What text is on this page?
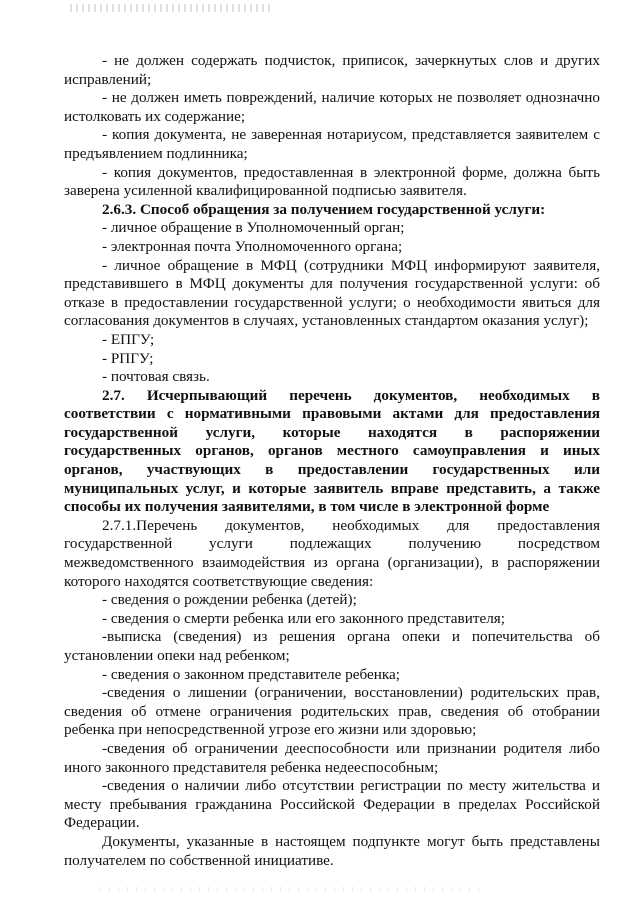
- не должен содержать подчисток, приписок, зачеркнутых слов и других исправлений;

- не должен иметь повреждений, наличие которых не позволяет однозначно истолковать их содержание;

- копия документа, не заверенная нотариусом, представляется заявителем с предъявлением подлинника;

- копия документов, предоставленная в электронной форме, должна быть заверена усиленной квалифицированной подписью заявителя.

2.6.3. Способ обращения за получением государственной услуги:

- личное обращение в Уполномоченный орган;

- электронная почта Уполномоченного органа;

- личное обращение в МФЦ (сотрудники МФЦ информируют заявителя, представившего в МФЦ документы для получения государственной услуги: об отказе в предоставлении государственной услуги; о необходимости явиться для согласования документов в случаях, установленных стандартом оказания услуг);

- ЕПГУ;

- РПГУ;

- почтовая связь.

2.7. Исчерпывающий перечень документов, необходимых в соответствии с нормативными правовыми актами для предоставления государственной услуги, которые находятся в распоряжении государственных органов, органов местного самоуправления и иных органов, участвующих в предоставлении государственных или муниципальных услуг, и которые заявитель вправе представить, а также способы их получения заявителями, в том числе в электронной форме

2.7.1.Перечень документов, необходимых для предоставления государственной услуги подлежащих получению посредством межведомственного взаимодействия из органа (организации), в распоряжении которого находятся соответствующие сведения:

- сведения о рождении ребенка (детей);

- сведения о смерти ребенка или его законного представителя;

-выписка (сведения) из решения органа опеки и попечительства об установлении опеки над ребенком;

- сведения о законном представителе ребенка;

-сведения о лишении (ограничении, восстановлении) родительских прав, сведения об отмене ограничения родительских прав, сведения об отобрании ребенка при непосредственной угрозе его жизни или здоровью;

-сведения об ограничении дееспособности или признании родителя либо иного законного представителя ребенка недееспособным;

-сведения о наличии либо отсутствии регистрации по месту жительства и месту пребывания гражданина Российской Федерации в пределах Российской Федерации.

Документы, указанные в настоящем подпункте могут быть представлены получателем по собственной инициативе.
